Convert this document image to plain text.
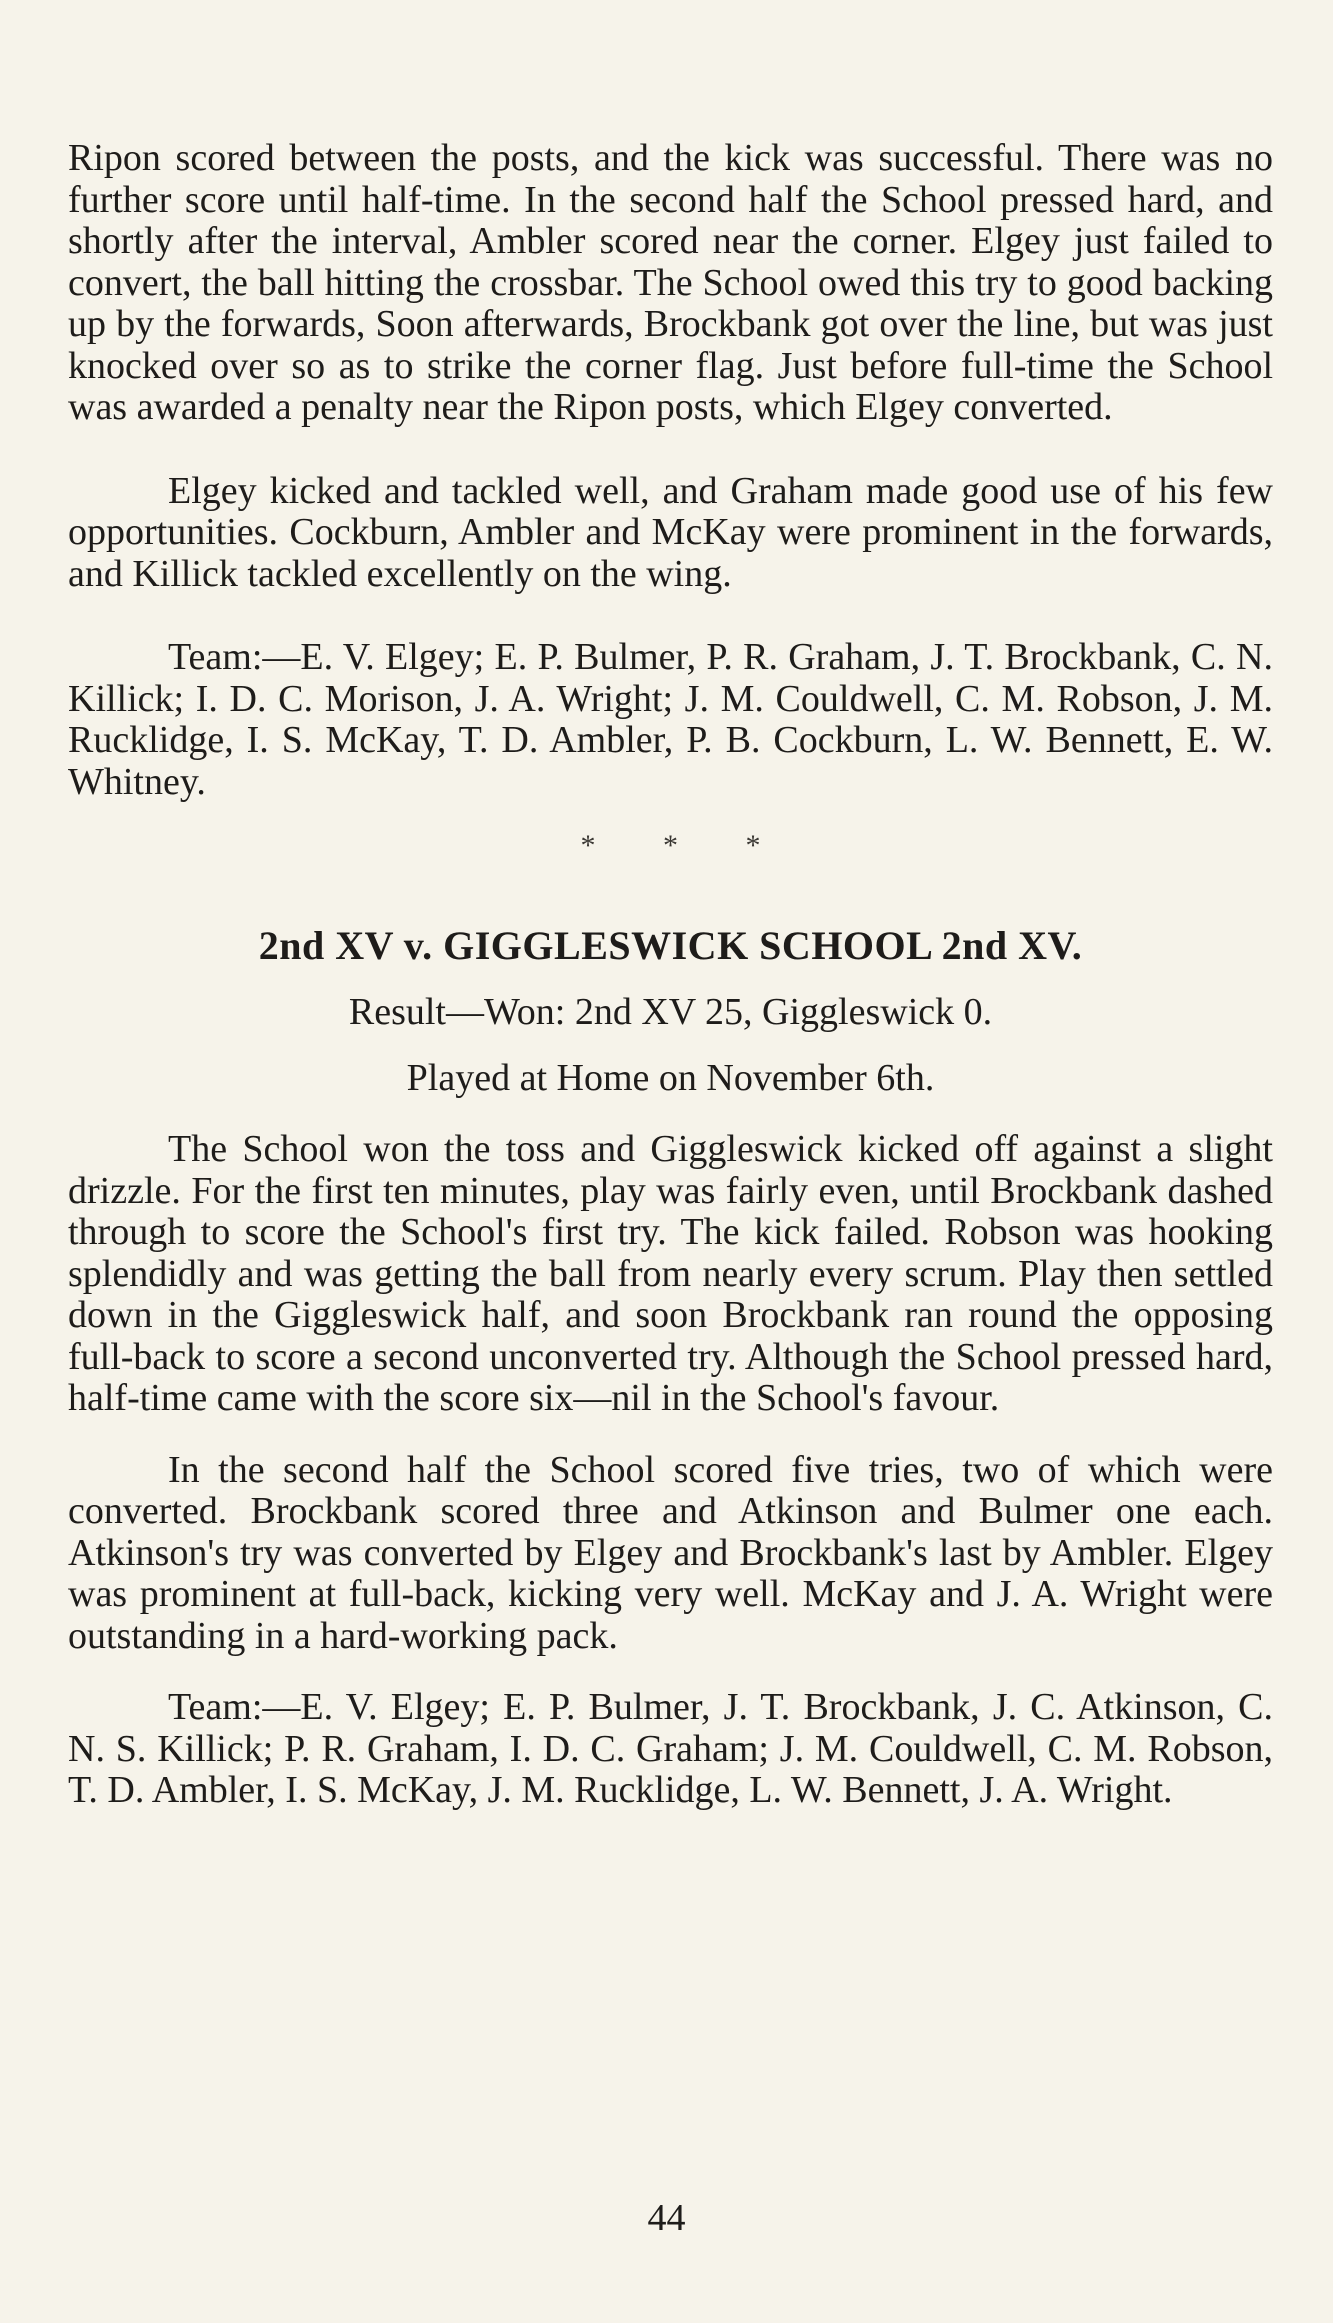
Ripon scored between the posts, and the kick was successful. There was no further score until half-time. In the second half the School pressed hard, and shortly after the interval, Ambler scored near the corner. Elgey just failed to convert, the ball hitting the crossbar. The School owed this try to good backing up by the forwards, Soon afterwards, Brockbank got over the line, but was just knocked over so as to strike the corner flag. Just before full-time the School was awarded a penalty near the Ripon posts, which Elgey converted.

Elgey kicked and tackled well, and Graham made good use of his few opportunities. Cockburn, Ambler and McKay were prominent in the forwards, and Killick tackled excellently on the wing.

Team:—E. V. Elgey; E. P. Bulmer, P. R. Graham, J. T. Brockbank, C. N. Killick; I. D. C. Morison, J. A. Wright; J. M. Couldwell, C. M. Robson, J. M. Rucklidge, I. S. McKay, T. D. Ambler, P. B. Cockburn, L. W. Bennett, E. W. Whitney.

* * *
2nd XV v. GIGGLESWICK SCHOOL 2nd XV.
Result—Won: 2nd XV 25, Giggleswick 0.
Played at Home on November 6th.

The School won the toss and Giggleswick kicked off against a slight drizzle. For the first ten minutes, play was fairly even, until Brockbank dashed through to score the School's first try. The kick failed. Robson was hooking splendidly and was getting the ball from nearly every scrum. Play then settled down in the Giggleswick half, and soon Brockbank ran round the opposing full-back to score a second unconverted try. Although the School pressed hard, half-time came with the score six—nil in the School's favour.

In the second half the School scored five tries, two of which were converted. Brockbank scored three and Atkinson and Bulmer one each. Atkinson's try was converted by Elgey and Brockbank's last by Ambler. Elgey was prominent at full-back, kicking very well. McKay and J. A. Wright were outstanding in a hard-working pack.

Team:—E. V. Elgey; E. P. Bulmer, J. T. Brockbank, J. C. Atkinson, C. N. S. Killick; P. R. Graham, I. D. C. Graham; J. M. Couldwell, C. M. Robson, T. D. Ambler, I. S. McKay, J. M. Rucklidge, L. W. Bennett, J. A. Wright.

44
